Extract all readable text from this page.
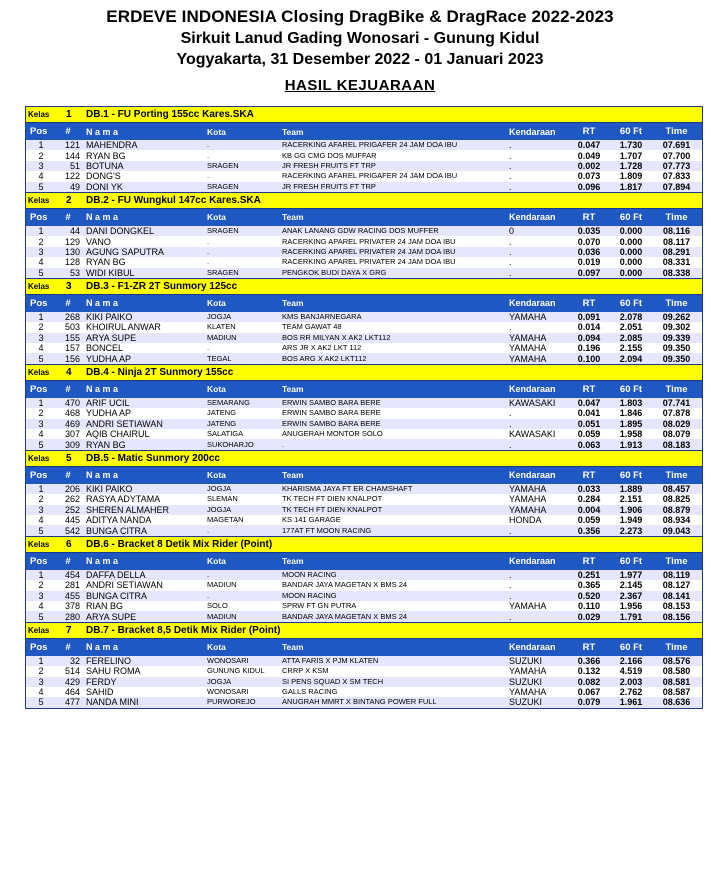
ERDEVE INDONESIA Closing DragBike & DragRace 2022-2023
Sirkuit Lanud Gading Wonosari - Gunung Kidul
Yogyakarta, 31 Desember 2022 - 01 Januari 2023
HASIL KEJUARAAN
Kelas	1	DB.1 - FU Porting 155cc Kares.SKA
Pos	#	N a m a	Kota	Team	Kendaraan	RT	60 Ft	Time
1	121 MAHENDRA	.	RACERKING AFAREL PRIGAFER 24 JAM DOA IBU	.	0.047	1.730	07.691
2	144 RYAN BG	.	KB GG CMG DOS MUFFAR	.	0.049	1.707	07.700
3	51 BOTUNA	SRAGEN	JR FRESH FRUITS FT TRP	.	0.002	1.728	07.773
4	122 DONG'S	.	RACERKING AFAREL PRIGAFER 24 JAM DOA IBU	.	0.073	1.809	07.833
5	49 DONI YK	SRAGEN	JR FRESH FRUITS FT TRP	.	0.096	1.817	07.894
Kelas	2	DB.2 - FU Wungkul 147cc Kares.SKA
Pos	#	N a m a	Kota	Team	Kendaraan	RT	60 Ft	Time
1	44 DANI DONGKEL	SRAGEN	ANAK LANANG GDW RACING DOS MUFFER	0	0.035	0.000	08.116
2	129 VANO	.	RACERKING APAREL PRIVATER 24 JAM DOA IBU	.	0.070	0.000	08.117
3	130 AGUNG SAPUTRA	.	RACERKING APAREL PRIVATER 24 JAM DOA IBU	.	0.036	0.000	08.291
4	128 RYAN BG	.	RACERKING APAREL PRIVATER 24 JAM DOA IBU	.	0.019	0.000	08.331
5	53 WIDI KIBUL	SRAGEN	PENGKOK BUDI DAYA X GRG	.	0.097	0.000	08.338
Kelas	3	DB.3 - F1-ZR 2T Sunmory 125cc
Pos	#	N a m a	Kota	Team	Kendaraan	RT	60 Ft	Time
1	268 KIKI PAIKO	JOGJA	KMS BANJARNEGARA	YAMAHA	0.091	2.078	09.262
2	503 KHOIRUL ANWAR	KLATEN	TEAM GAWAT 48	.	0.014	2.051	09.302
3	155 ARYA SUPE	MADIUN	BOS RR MILYAN X AK2 LKT112	YAMAHA	0.094	2.085	09.339
4	157 BONCEL	.	ARS JR X AK2 LKT 112	YAMAHA	0.196	2.155	09.350
5	156 YUDHA AP	TEGAL	BOS ARG X AK2 LKT112	YAMAHA	0.100	2.094	09.350
Kelas	4	DB.4 - Ninja 2T Sunmory 155cc
Pos	#	N a m a	Kota	Team	Kendaraan	RT	60 Ft	Time
1	470 ARIF UCIL	SEMARANG	ERWIN SAMBO BARA BERE	KAWASAKI	0.047	1.803	07.741
2	468 YUDHA AP	JATENG	ERWIN SAMBO BARA BERE	.	0.041	1.846	07.878
3	469 ANDRI SETIAWAN	JATENG	ERWIN SAMBO BARA BERE	.	0.051	1.895	08.029
4	307 AQIB CHAIRUL	SALATIGA	ANUGERAH MONTOR SOLO	KAWASAKI	0.059	1.958	08.079
5	309 RYAN BG	SUKOHARJO	.	.	0.063	1.913	08.183
Kelas	5	DB.5 - Matic Sunmory 200cc
Pos	#	N a m a	Kota	Team	Kendaraan	RT	60 Ft	Time
1	206 KIKI PAIKO	JOGJA	KHARISMA JAYA FT ER CHAMSHAFT	YAMAHA	0.033	1.889	08.457
2	262 RASYA ADYTAMA	SLEMAN	TK TECH FT DIEN KNALPOT	YAMAHA	0.284	2.151	08.825
3	252 SHEREN ALMAHER	JOGJA	TK TECH FT DIEN KNALPOT	YAMAHA	0.004	1.906	08.879
4	445 ADITYA NANDA	MAGETAN	KS 141 GARAGE	HONDA	0.059	1.949	08.934
5	542 BUNGA CITRA	.	177AT FT MOON RACING	.	0.356	2.273	09.043
Kelas	6	DB.6 - Bracket 8 Detik Mix Rider (Point)
Pos	#	N a m a	Kota	Team	Kendaraan	RT	60 Ft	Time
1	454 DAFFA DELLA	.	MOON RACING	.	0.251	1.977	08.119
2	281 ANDRI SETIAWAN	MADIUN	BANDAR JAYA MAGETAN X BMS 24	.	0.365	2.145	08.127
3	455 BUNGA CITRA	.	MOON RACING	.	0.520	2.367	08.141
4	378 RIAN BG	SOLO	SPRW FT GN PUTRA	YAMAHA	0.110	1.956	08.153
5	280 ARYA SUPE	MADIUN	BANDAR JAYA MAGETAN X BMS 24	.	0.029	1.791	08.156
Kelas	7	DB.7 - Bracket 8,5 Detik Mix Rider (Point)
Pos	#	N a m a	Kota	Team	Kendaraan	RT	60 Ft	Time
1	32 FERELINO	WONOSARI	ATTA FARIS X PJM KLATEN	SUZUKI	0.366	2.166	08.576
2	514 SAHU ROMA	GUNUNG KIDUL	CRRP X KSM	YAMAHA	0.132	4.519	08.580
3	429 FERDY	JOGJA	SI PENS SQUAD X SM TECH	SUZUKI	0.082	2.003	08.581
4	464 SAHID	WONOSARI	GALLS RACING	YAMAHA	0.067	2.762	08.587
5	477 NANDA MINI	PURWOREJO	ANUGRAH MMRT X BINTANG POWER FULL	SUZUKI	0.079	1.961	08.636
